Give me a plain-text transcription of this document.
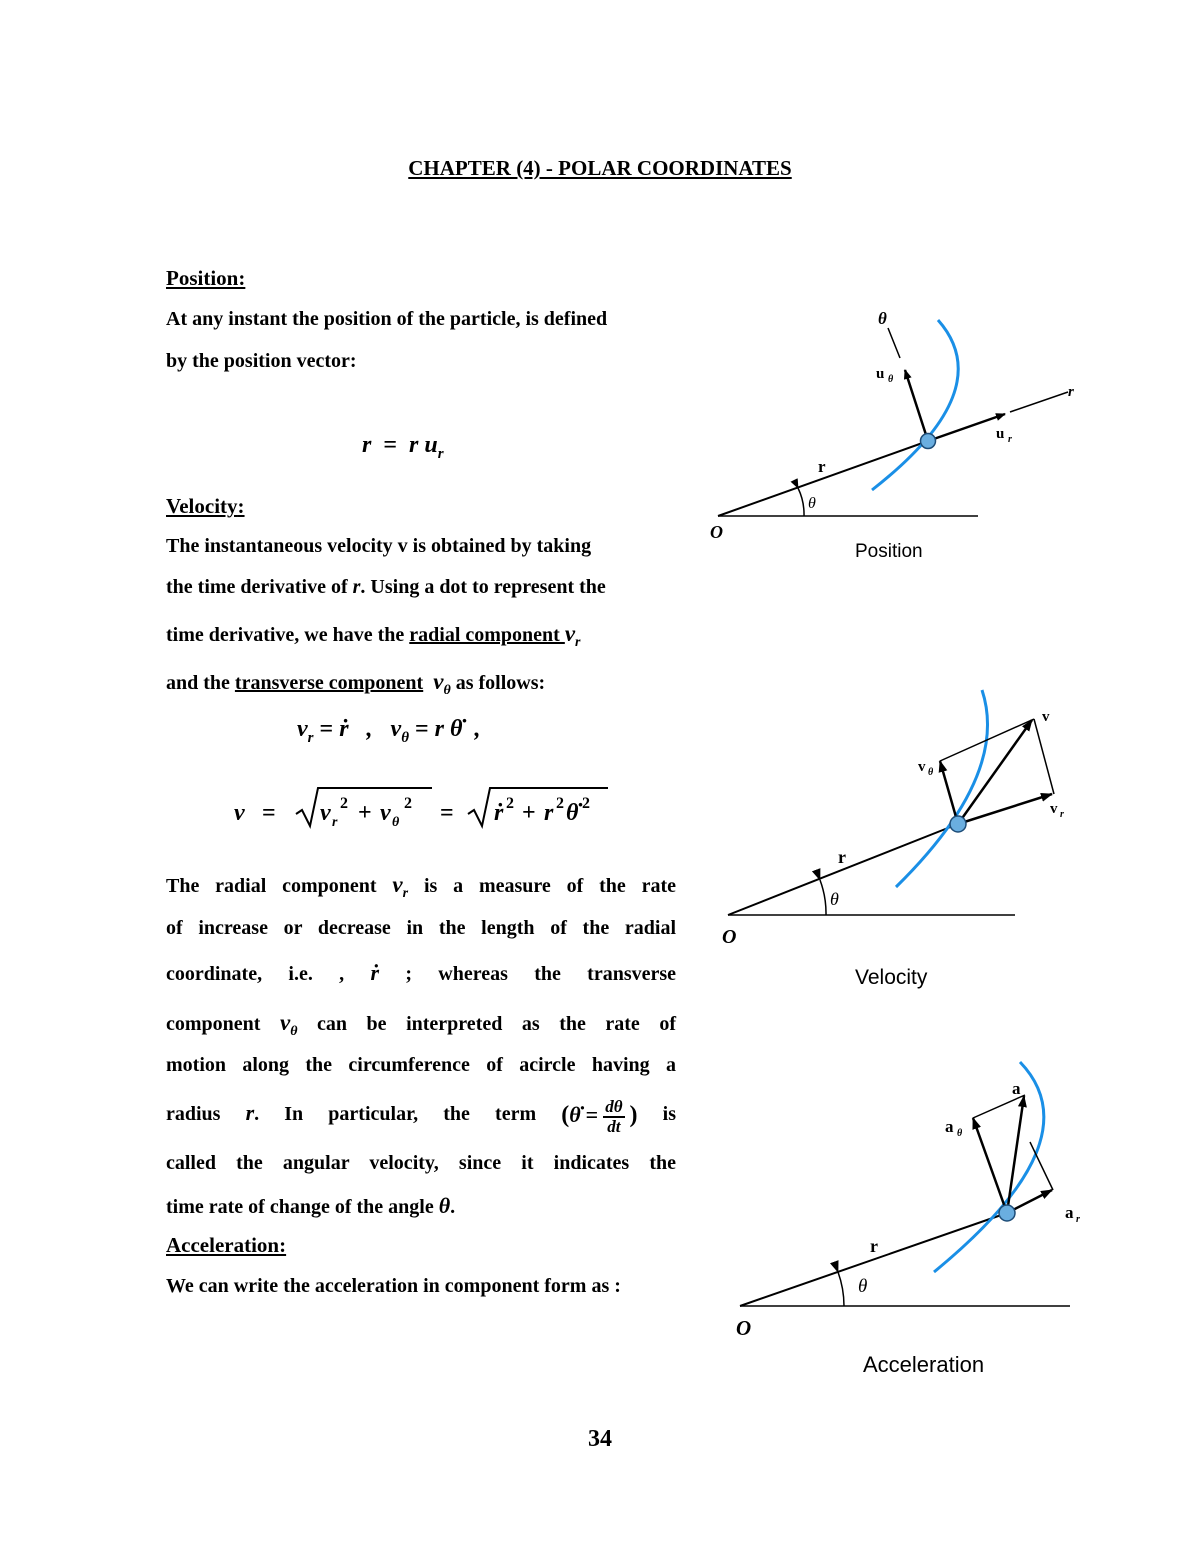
CHAPTER (4) - POLAR COORDINATES
Position:
At any instant the position of the particle, is defined
by the position vector:
r = r $u_r$
Velocity:
The instantaneous velocity v is obtained by taking
the time derivative of r. Using a dot to represent the
time derivative, we have the radial component $v_r$
and the transverse component $v_\theta$ as follows:
$v_r$ = ṙ , $v_\theta = r$ θ̇ ,
v = v r
2 + v θ
2 = ṙ 2 + r 2 θ̇ 2
The radial component $v_r$ is a measure of the rate
of increase or decrease in the length of the radial
coordinate, i.e. , ṙ ; whereas the transverse
component $v_\theta$ can be interpreted as the rate of
motion along the circumference of acircle having a
radius r. In particular, the term (θ̇ = $\frac{d\theta}{dt}$ ) is
called the angular velocity, since it indicates the
time rate of change of the angle θ.
Acceleration:
We can write the acceleration in component form as :
θ
u θ
u r
r
r
θ
O
Position
v
v θ
v r
r
θ
O
Velocity
a
a θ
a r
r
θ
O
Acceleration
34
